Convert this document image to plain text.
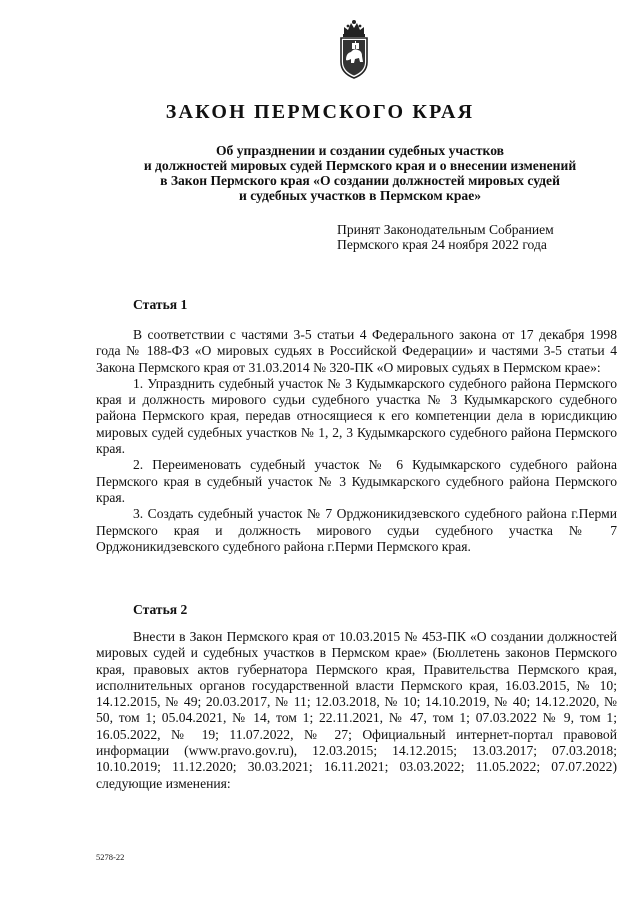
ЗАКОН ПЕРМСКОГО КРАЯ
Об упразднении и создании судебных участков
и должностей мировых судей Пермского края и о внесении изменений
в Закон Пермского края «О создании должностей мировых судей
и судебных участков в Пермском крае»
Принят Законодательным Собранием
Пермского края 24 ноября 2022 года
Статья 1

В соответствии с частями 3-5 статьи 4 Федерального закона от 17 декабря 1998 года № 188-ФЗ «О мировых судьях в Российской Федерации» и частями 3-5 статьи 4 Закона Пермского края от 31.03.2014 № 320-ПК «О мировых судьях в Пермском крае»:

1. Упразднить судебный участок № 3 Кудымкарского судебного района Пермского края и должность мирового судьи судебного участка № 3 Кудымкарского судебного района Пермского края, передав относящиеся к его компетенции дела в юрисдикцию мировых судей судебных участков № 1, 2, 3 Кудымкарского судебного района Пермского края.

2. Переименовать судебный участок № 6 Кудымкарского судебного района Пермского края в судебный участок № 3 Кудымкарского судебного района Пермского края.

3. Создать судебный участок № 7 Орджоникидзевского судебного района г.Перми Пермского края и должность мирового судьи судебного участка № 7 Орджоникидзевского судебного района г.Перми Пермского края.

Статья 2

Внести в Закон Пермского края от 10.03.2015 № 453-ПК «О создании должностей мировых судей и судебных участков в Пермском крае» (Бюллетень законов Пермского края, правовых актов губернатора Пермского края, Правительства Пермского края, исполнительных органов государственной власти Пермского края, 16.03.2015, № 10; 14.12.2015, № 49; 20.03.2017, № 11; 12.03.2018, № 10; 14.10.2019, № 40; 14.12.2020, № 50, том 1; 05.04.2021, № 14, том 1; 22.11.2021, № 47, том 1; 07.03.2022 № 9, том 1; 16.05.2022, № 19; 11.07.2022, № 27; Официальный интернет-портал правовой информации (www.pravo.gov.ru), 12.03.2015; 14.12.2015; 13.03.2017; 07.03.2018; 10.10.2019; 11.12.2020; 30.03.2021; 16.11.2021; 03.03.2022; 11.05.2022; 07.07.2022) следующие изменения:

5278-22
